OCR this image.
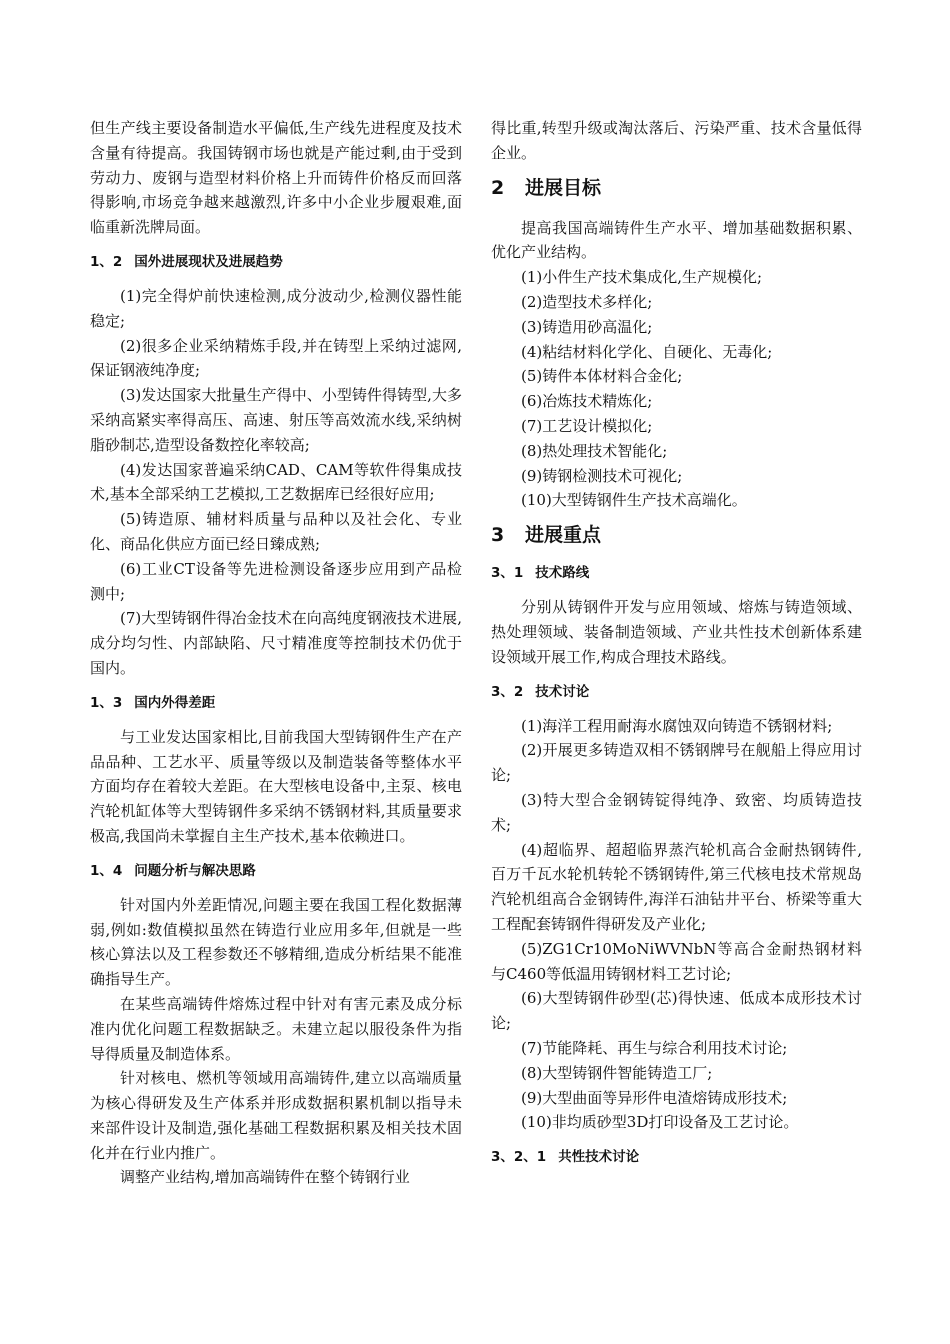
但生产线主要设备制造水平偏低,生产线先进程度及技术含量有待提高。我国铸钢市场也就是产能过剩,由于受到劳动力、废钢与造型材料价格上升而铸件价格反而回落得影响,市场竞争越来越激烈,许多中小企业步履艰难,面临重新洗牌局面。

1、2 国外进展现状及进展趋势

(1)完全得炉前快速检测,成分波动少,检测仪器性能稳定;

(2)很多企业采纳精炼手段,并在铸型上采纳过滤网,保证钢液纯净度;

(3)发达国家大批量生产得中、小型铸件得铸型,大多采纳高紧实率得高压、高速、射压等高效流水线,采纳树脂砂制芯,造型设备数控化率较高;

(4)发达国家普遍采纳CAD、CAM等软件得集成技术,基本全部采纳工艺模拟,工艺数据库已经很好应用;

(5)铸造原、辅材料质量与品种以及社会化、专业化、商品化供应方面已经日臻成熟;

(6)工业CT设备等先进检测设备逐步应用到产品检测中;

(7)大型铸钢件得冶金技术在向高纯度钢液技术进展,成分均匀性、内部缺陷、尺寸精准度等控制技术仍优于国内。

1、3 国内外得差距

与工业发达国家相比,目前我国大型铸钢件生产在产品品种、工艺水平、质量等级以及制造装备等整体水平方面均存在着较大差距。在大型核电设备中,主泵、核电汽轮机缸体等大型铸钢件多采纳不锈钢材料,其质量要求极高,我国尚未掌握自主生产技术,基本依赖进口。

1、4 问题分析与解决思路

针对国内外差距情况,问题主要在我国工程化数据薄弱,例如:数值模拟虽然在铸造行业应用多年,但就是一些核心算法以及工程参数还不够精细,造成分析结果不能准确指导生产。

在某些高端铸件熔炼过程中针对有害元素及成分标准内优化问题工程数据缺乏。未建立起以服役条件为指导得质量及制造体系。

针对核电、燃机等领域用高端铸件,建立以高端质量为核心得研发及生产体系并形成数据积累机制以指导未来部件设计及制造,强化基础工程数据积累及相关技术固化并在行业内推广。

调整产业结构,增加高端铸件在整个铸钢行业

得比重,转型升级或淘汰落后、污染严重、技术含量低得企业。

2 进展目标

提高我国高端铸件生产水平、增加基础数据积累、优化产业结构。

(1)小件生产技术集成化,生产规模化;

(2)造型技术多样化;

(3)铸造用砂高温化;

(4)粘结材料化学化、自硬化、无毒化;

(5)铸件本体材料合金化;

(6)冶炼技术精炼化;

(7)工艺设计模拟化;

(8)热处理技术智能化;

(9)铸钢检测技术可视化;

(10)大型铸钢件生产技术高端化。

3 进展重点
3、1 技术路线

分别从铸钢件开发与应用领域、熔炼与铸造领域、热处理领域、装备制造领域、产业共性技术创新体系建设领域开展工作,构成合理技术路线。

3、2 技术讨论

(1)海洋工程用耐海水腐蚀双向铸造不锈钢材料;

(2)开展更多铸造双相不锈钢牌号在舰船上得应用讨论;

(3)特大型合金钢铸锭得纯净、致密、均质铸造技术;

(4)超临界、超超临界蒸汽轮机高合金耐热钢铸件,百万千瓦水轮机转轮不锈钢铸件,第三代核电技术常规岛汽轮机组高合金钢铸件,海洋石油钻井平台、桥梁等重大工程配套铸钢件得研发及产业化;

(5)ZG1Cr10MoNiWVNbN等高合金耐热钢材料与C460等低温用铸钢材料工艺讨论;

(6)大型铸钢件砂型(芯)得快速、低成本成形技术讨论;

(7)节能降耗、再生与综合利用技术讨论;

(8)大型铸钢件智能铸造工厂;

(9)大型曲面等异形件电渣熔铸成形技术;

(10)非均质砂型3D打印设备及工艺讨论。

3、2、1 共性技术讨论
